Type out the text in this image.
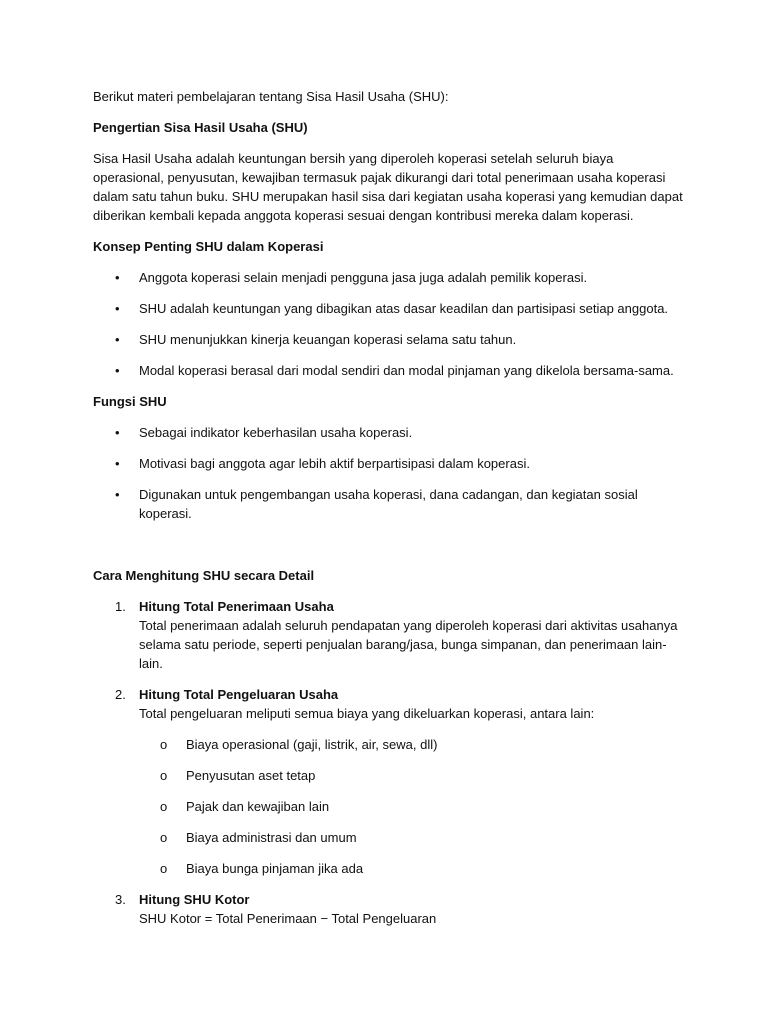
Berikut materi pembelajaran tentang Sisa Hasil Usaha (SHU):

Pengertian Sisa Hasil Usaha (SHU)

Sisa Hasil Usaha adalah keuntungan bersih yang diperoleh koperasi setelah seluruh biaya operasional, penyusutan, kewajiban termasuk pajak dikurangi dari total penerimaan usaha koperasi dalam satu tahun buku. SHU merupakan hasil sisa dari kegiatan usaha koperasi yang kemudian dapat diberikan kembali kepada anggota koperasi sesuai dengan kontribusi mereka dalam koperasi.

Konsep Penting SHU dalam Koperasi

• Anggota koperasi selain menjadi pengguna jasa juga adalah pemilik koperasi.
• SHU adalah keuntungan yang dibagikan atas dasar keadilan dan partisipasi setiap anggota.
• SHU menunjukkan kinerja keuangan koperasi selama satu tahun.
• Modal koperasi berasal dari modal sendiri dan modal pinjaman yang dikelola bersama-sama.

Fungsi SHU

• Sebagai indikator keberhasilan usaha koperasi.
• Motivasi bagi anggota agar lebih aktif berpartisipasi dalam koperasi.
• Digunakan untuk pengembangan usaha koperasi, dana cadangan, dan kegiatan sosial koperasi.

Cara Menghitung SHU secara Detail

1. Hitung Total Penerimaan Usaha
Total penerimaan adalah seluruh pendapatan yang diperoleh koperasi dari aktivitas usahanya selama satu periode, seperti penjualan barang/jasa, bunga simpanan, dan penerimaan lain-lain.
2. Hitung Total Pengeluaran Usaha
Total pengeluaran meliputi semua biaya yang dikeluarkan koperasi, antara lain:
o Biaya operasional (gaji, listrik, air, sewa, dll)
o Penyusutan aset tetap
o Pajak dan kewajiban lain
o Biaya administrasi dan umum
o Biaya bunga pinjaman jika ada
3. Hitung SHU Kotor
SHU Kotor = Total Penerimaan − Total Pengeluaran
